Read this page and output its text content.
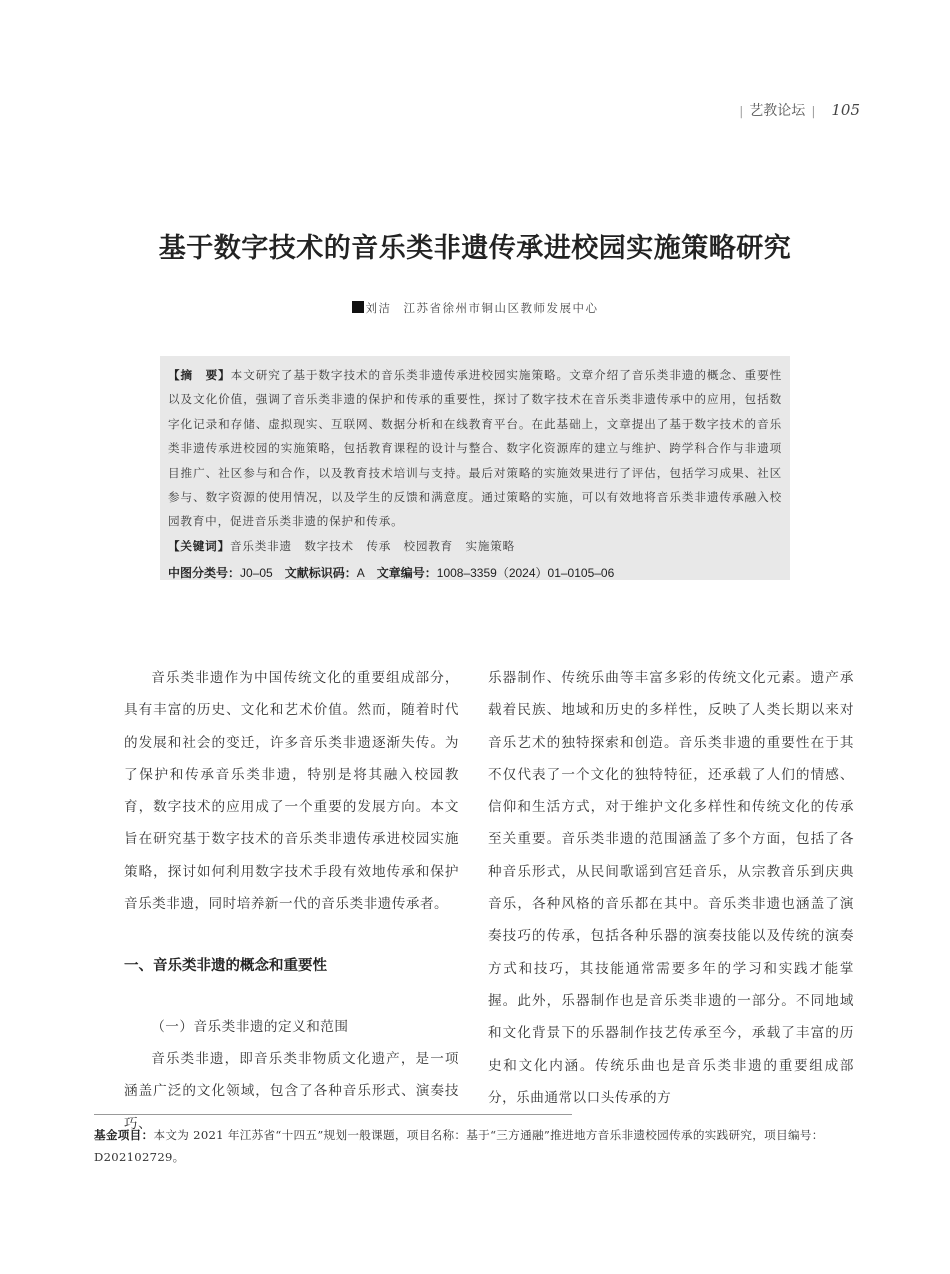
| 艺教论坛 | 105
基于数字技术的音乐类非遗传承进校园实施策略研究
刘洁 江苏省徐州市铜山区教师发展中心

【摘　要】本文研究了基于数字技术的音乐类非遗传承进校园实施策略。文章介绍了音乐类非遗的概念、重要性以及文化价值，强调了音乐类非遗的保护和传承的重要性，探讨了数字技术在音乐类非遗传承中的应用，包括数字化记录和存储、虚拟现实、互联网、数据分析和在线教育平台。在此基础上，文章提出了基于数字技术的音乐类非遗传承进校园的实施策略，包括教育课程的设计与整合、数字化资源库的建立与维护、跨学科合作与非遗项目推广、社区参与和合作，以及教育技术培训与支持。最后对策略的实施效果进行了评估，包括学习成果、社区参与、数字资源的使用情况，以及学生的反馈和满意度。通过策略的实施，可以有效地将音乐类非遗传承融入校园教育中，促进音乐类非遗的保护和传承。

【关键词】音乐类非遗　数字技术　传承　校园教育　实施策略

中图分类号：J0–05 文献标识码：A 文章编号：1008–3359（2024）01–0105–06

音乐类非遗作为中国传统文化的重要组成部分，具有丰富的历史、文化和艺术价值。然而，随着时代的发展和社会的变迁，许多音乐类非遗逐渐失传。为了保护和传承音乐类非遗，特别是将其融入校园教育，数字技术的应用成了一个重要的发展方向。本文旨在研究基于数字技术的音乐类非遗传承进校园实施策略，探讨如何利用数字技术手段有效地传承和保护音乐类非遗，同时培养新一代的音乐类非遗传承者。

一、音乐类非遗的概念和重要性

（一）音乐类非遗的定义和范围

音乐类非遗，即音乐类非物质文化遗产，是一项涵盖广泛的文化领域，包含了各种音乐形式、演奏技巧、

乐器制作、传统乐曲等丰富多彩的传统文化元素。遗产承载着民族、地域和历史的多样性，反映了人类长期以来对音乐艺术的独特探索和创造。音乐类非遗的重要性在于其不仅代表了一个文化的独特特征，还承载了人们的情感、信仰和生活方式，对于维护文化多样性和传统文化的传承至关重要。音乐类非遗的范围涵盖了多个方面，包括了各种音乐形式，从民间歌谣到宫廷音乐，从宗教音乐到庆典音乐，各种风格的音乐都在其中。音乐类非遗也涵盖了演奏技巧的传承，包括各种乐器的演奏技能以及传统的演奏方式和技巧，其技能通常需要多年的学习和实践才能掌握。此外，乐器制作也是音乐类非遗的一部分。不同地域和文化背景下的乐器制作技艺传承至今，承载了丰富的历史和文化内涵。传统乐曲也是音乐类非遗的重要组成部分，乐曲通常以口头传承的方

基金项目：本文为 2021 年江苏省“十四五”规划一般课题，项目名称：基于“三方通融”推进地方音乐非遗校园传承的实践研究，项目编号：D202102729。
